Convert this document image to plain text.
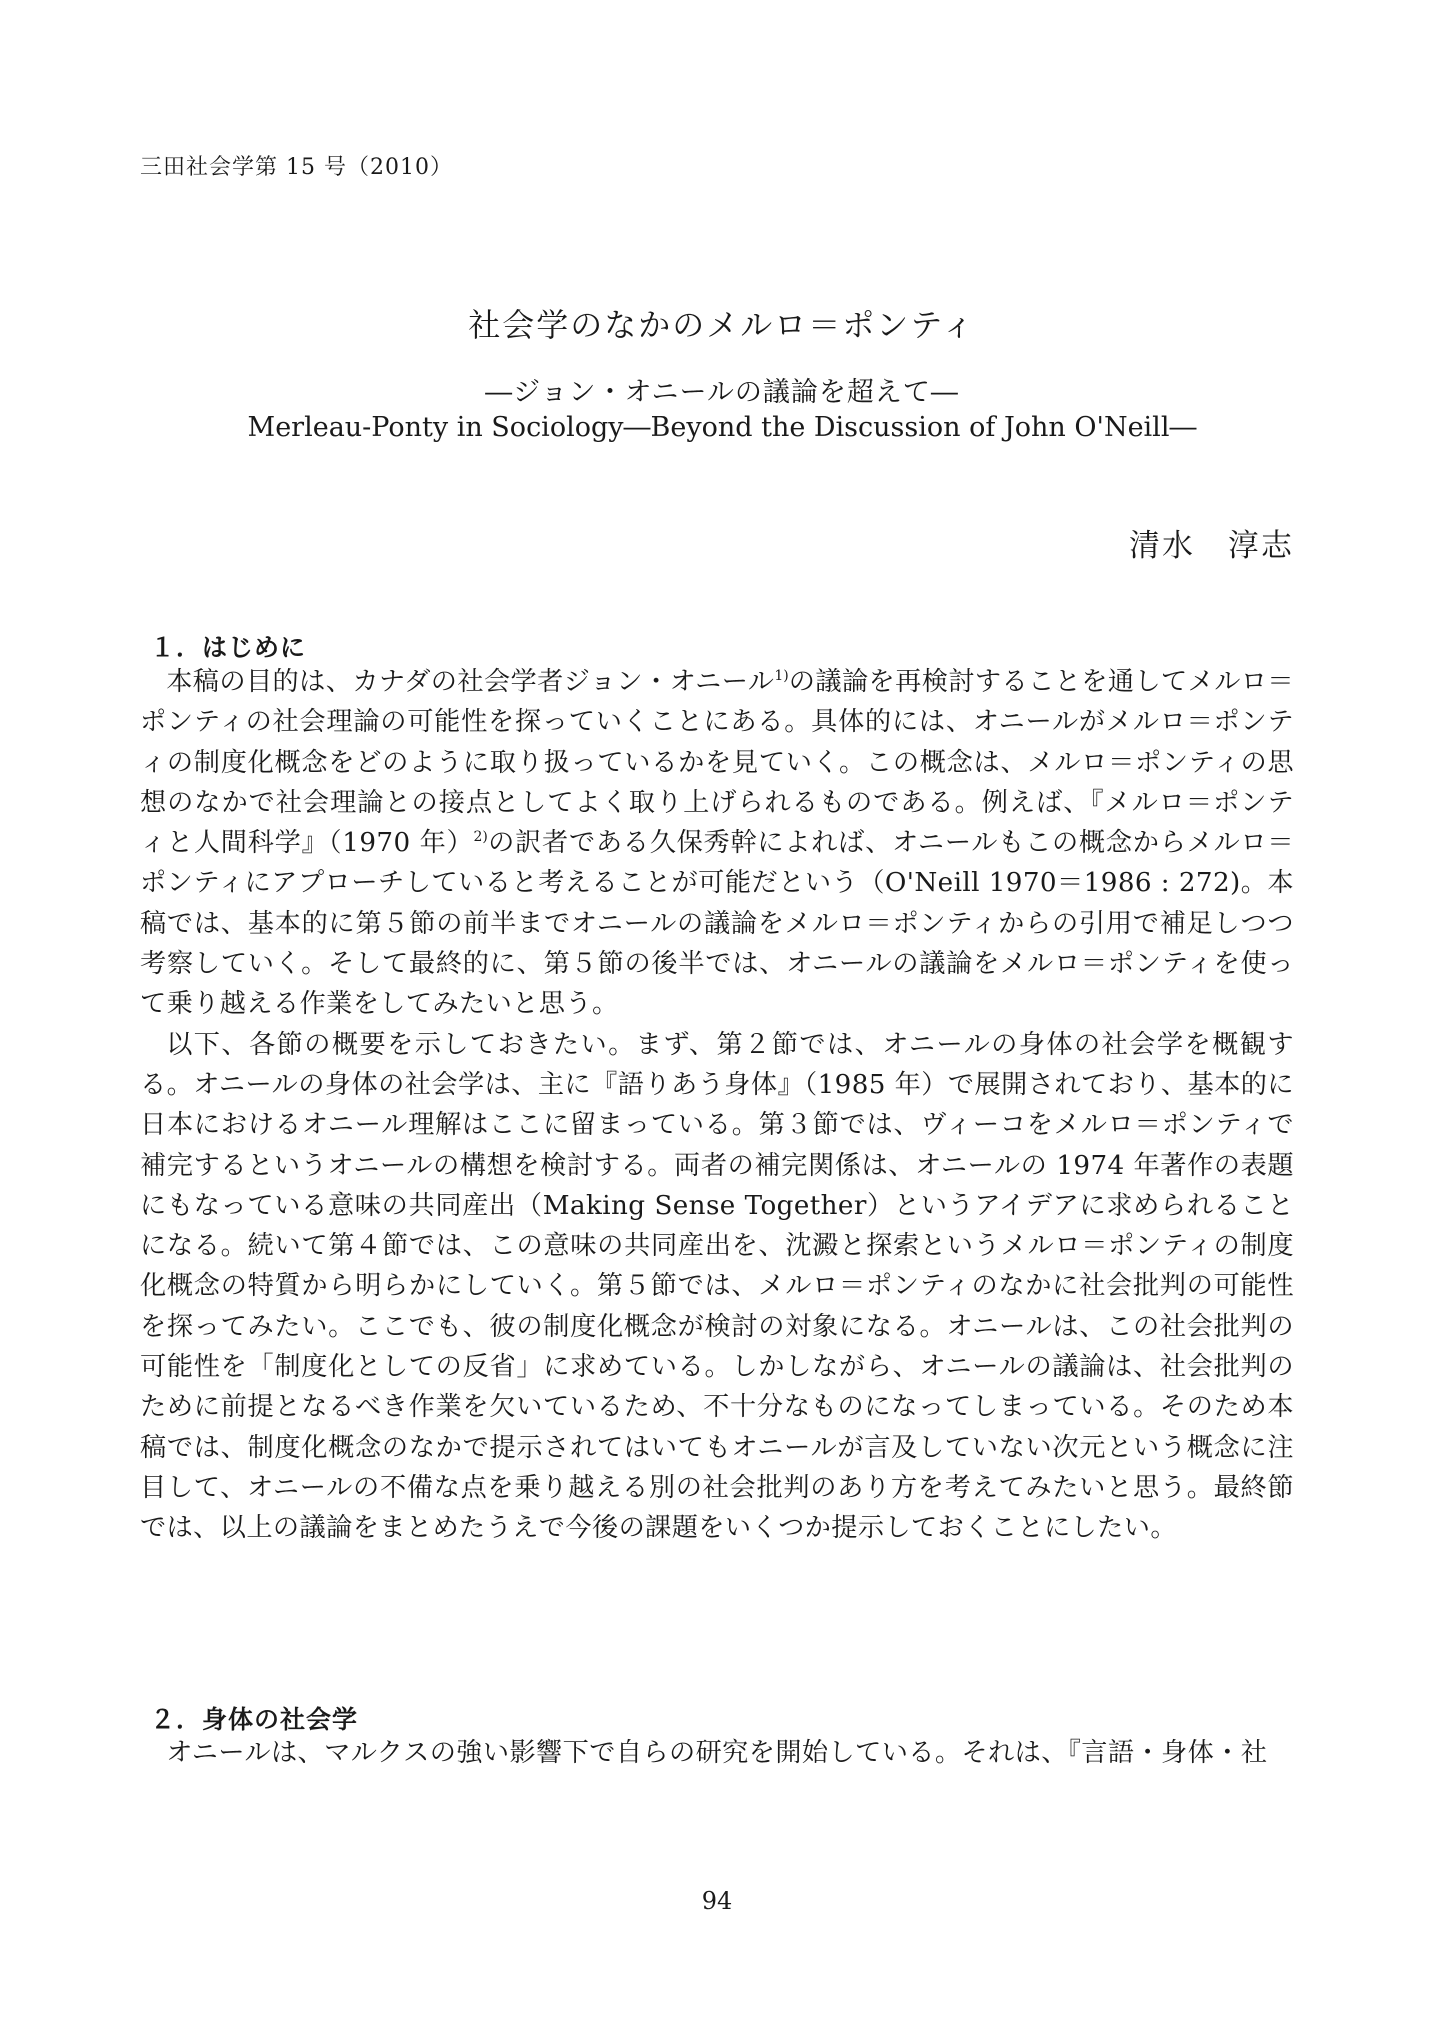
三田社会学第 15 号（2010）
社会学のなかのメルロ＝ポンティ
―ジョン・オニールの議論を超えて―
Merleau-Ponty in Sociology―Beyond the Discussion of John O'Neill―
清水　淳志
１．はじめに

本稿の目的は、カナダの社会学者ジョン・オニール$^{1)}$の議論を再検討することを通してメルロ＝ポンティの社会理論の可能性を探っていくことにある。具体的には、オニールがメルロ＝ポンティの制度化概念をどのように取り扱っているかを見ていく。この概念は、メルロ＝ポンティの思想のなかで社会理論との接点としてよく取り上げられるものである。例えば、『メルロ＝ポンティと人間科学』（1970 年）$^{2)}$の訳者である久保秀幹によれば、オニールもこの概念からメルロ＝ポンティにアプローチしていると考えることが可能だという（O'Neill 1970＝1986 : 272)。本稿では、基本的に第５節の前半までオニールの議論をメルロ＝ポンティからの引用で補足しつつ考察していく。そして最終的に、第５節の後半では、オニールの議論をメルロ＝ポンティを使って乗り越える作業をしてみたいと思う。

以下、各節の概要を示しておきたい。まず、第２節では、オニールの身体の社会学を概観する。オニールの身体の社会学は、主に『語りあう身体』（1985 年）で展開されており、基本的に日本におけるオニール理解はここに留まっている。第３節では、ヴィーコをメルロ＝ポンティで補完するというオニールの構想を検討する。両者の補完関係は、オニールの 1974 年著作の表題にもなっている意味の共同産出（Making Sense Together）というアイデアに求められることになる。続いて第４節では、この意味の共同産出を、沈澱と探索というメルロ＝ポンティの制度化概念の特質から明らかにしていく。第５節では、メルロ＝ポンティのなかに社会批判の可能性を探ってみたい。ここでも、彼の制度化概念が検討の対象になる。オニールは、この社会批判の可能性を「制度化としての反省」に求めている。しかしながら、オニールの議論は、社会批判のために前提となるべき作業を欠いているため、不十分なものになってしまっている。そのため本稿では、制度化概念のなかで提示されてはいてもオニールが言及していない次元という概念に注目して、オニールの不備な点を乗り越える別の社会批判のあり方を考えてみたいと思う。最終節では、以上の議論をまとめたうえで今後の課題をいくつか提示しておくことにしたい。

２．身体の社会学

オニールは、マルクスの強い影響下で自らの研究を開始している。それは、『言語・身体・社

94
